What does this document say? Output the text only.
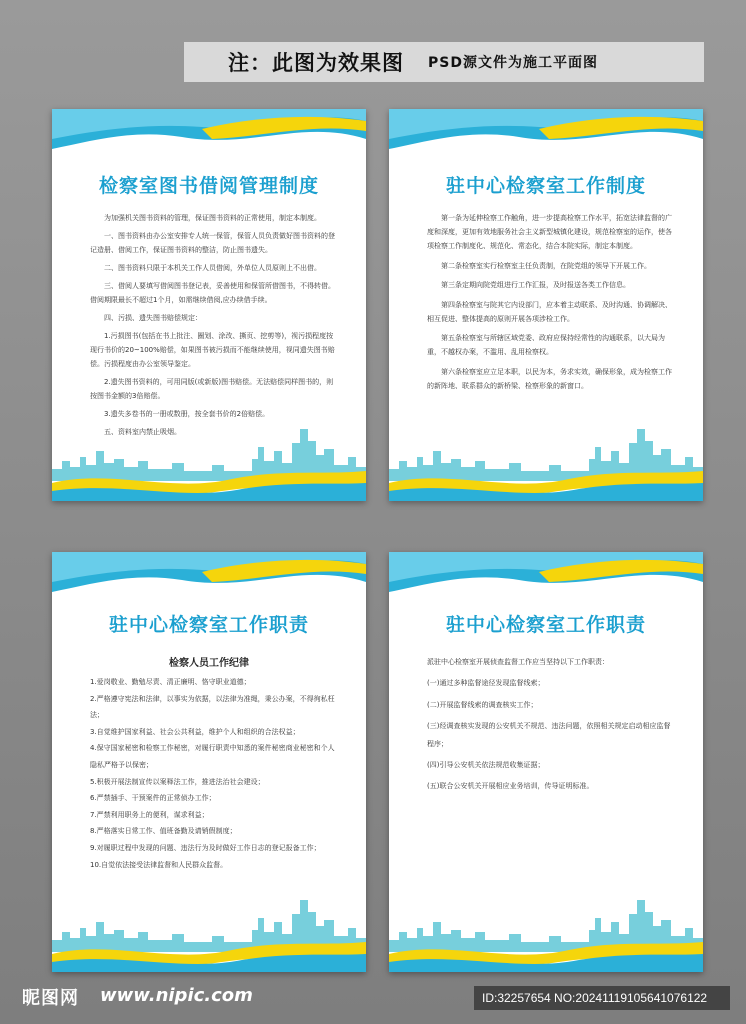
注：此图为效果图 PSD源文件为施工平面图
检察室图书借阅管理制度

为加强机关图书资料的管理，保证图书资料的正常使用，制定本制度。

一、图书资料由办公室安排专人统一保管，保管人员负责做好图书资料的登记造册、借阅工作，保证图书资料的整洁，防止图书遗失。

二、图书资料只限于本机关工作人员借阅，外单位人员原则上不出借。

三、借阅人要填写借阅图书登记表，妥善使用和保管所借图书，不得转借。借阅期限最长不超过1个月，如需继续借阅,应办续借手续。

四、污损、遗失图书赔偿规定：

1.污损图书(包括在书上批注、圈划、涂改、撕页、挖剪等)，视污损程度按现行书价的20~100%赔偿，如果图书被污损而不能继续使用，视同遗失图书赔偿。污损程度由办公室领导鉴定。

2.遗失图书资料的，可用同版(或新版)图书赔偿。无法赔偿同样图书的，则按图书金额的3倍赔偿。

3.遗失多卷书的一册或数册，按全套书价的2倍赔偿。

五、资料室内禁止吸烟。

驻中心检察室工作制度

第一条为延伸检察工作触角，进一步提高检察工作水平，拓宽法律监督的广度和深度，更加有效地服务社会主义新型城镇化建设，规范检察室的运作，使各项检察工作制度化、规范化、常态化，结合本院实际，制定本制度。

第二条检察室实行检察室主任负责制，在院党组的领导下开展工作。

第三条定期向院党组进行工作汇报，及时报送各类工作信息。

第四条检察室与院其它内设部门，应本着主动联系、及时沟通、协调解决、相互促进、整体提高的原则开展各项涉检工作。

第五条检察室与所辖区域党委、政府应保持经常性的沟通联系，以大局为重，不越权办案，不滥用、乱用检察权。

第六条检察室应立足本职，以民为本，务求实效，确保形象，成为检察工作的新阵地、联系群众的新桥梁、检察形象的新窗口。

驻中心检察室工作职责
检察人员工作纪律

1.爱岗敬业、勤勉尽责、清正廉明、恪守职业道德；

2.严格遵守宪法和法律，以事实为依据，以法律为准绳，秉公办案，不得徇私枉法；

3.自觉维护国家利益、社会公共利益，维护个人和组织的合法权益；

4.保守国家秘密和检察工作秘密，对履行职责中知悉的案件秘密商业秘密和个人隐私严格予以保密；

5.积极开展法制宣传以案释法工作，推进法治社会建设；

6.严禁插手、干预案件的正常侦办工作；

7.严禁利用职务上的便利，谋求利益；

8.严格落实日常工作、值班备勤及请销假制度；

9.对履职过程中发现的问题、违法行为及时做好工作日志的登记报备工作；

10.自觉依法接受法律监督和人民群众监督。

驻中心检察室工作职责

派驻中心检察室开展侦查监督工作应当坚持以下工作职责：

(一)通过多种监督途径发现监督线索；

(二)开展监督线索的调查核实工作；

(三)经调查核实发现的公安机关不规范、违法问题，依照相关规定启动相应监督程序；

(四)引导公安机关依法规范收集证据；

(五)联合公安机关开展相应业务培训，传导证明标准。

昵图网 www.nipic.com	ID:32257654 NO:20241119105641076122
